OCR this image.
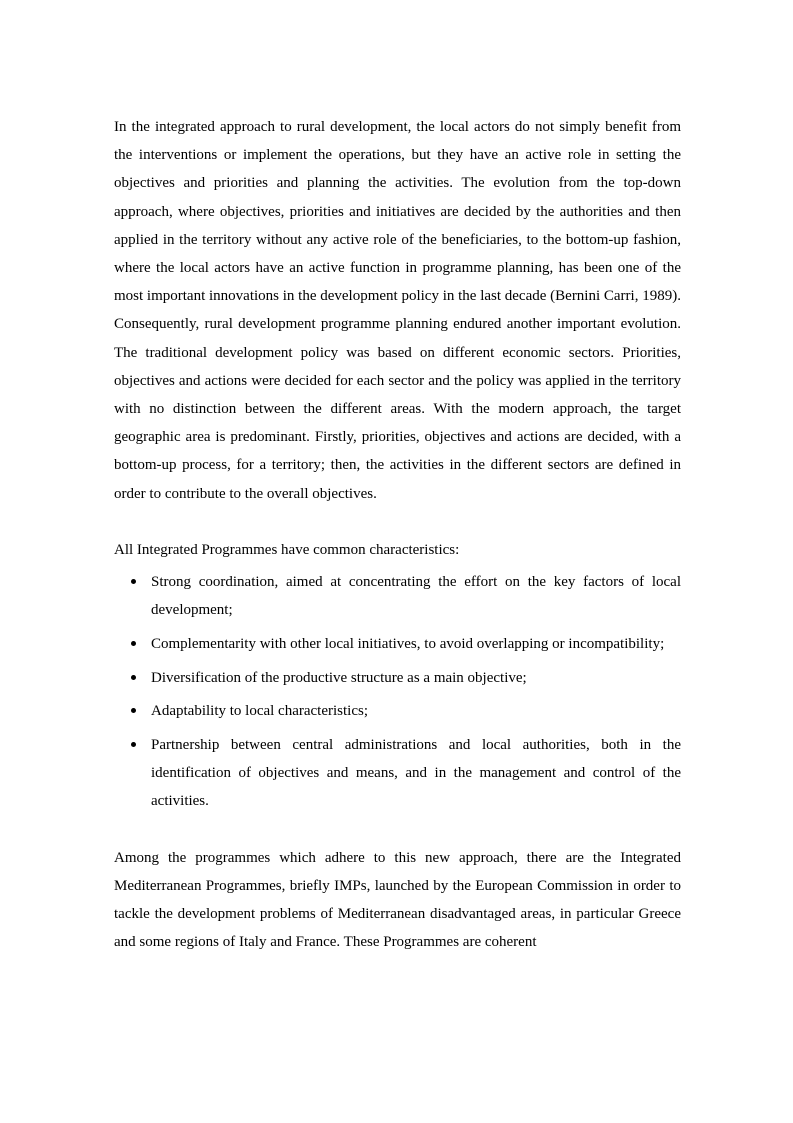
In the integrated approach to rural development, the local actors do not simply benefit from the interventions or implement the operations, but they have an active role in setting the objectives and priorities and planning the activities. The evolution from the top-down approach, where objectives, priorities and initiatives are decided by the authorities and then applied in the territory without any active role of the beneficiaries, to the bottom-up fashion, where the local actors have an active function in programme planning, has been one of the most important innovations in the development policy in the last decade (Bernini Carri, 1989).

Consequently, rural development programme planning endured another important evolution. The traditional development policy was based on different economic sectors. Priorities, objectives and actions were decided for each sector and the policy was applied in the territory with no distinction between the different areas. With the modern approach, the target geographic area is predominant. Firstly, priorities, objectives and actions are decided, with a bottom-up process, for a territory; then, the activities in the different sectors are defined in order to contribute to the overall objectives.

All Integrated Programmes have common characteristics:

Strong coordination, aimed at concentrating the effort on the key factors of local development;
Complementarity with other local initiatives, to avoid overlapping or incompatibility;
Diversification of the productive structure as a main objective;
Adaptability to local characteristics;
Partnership between central administrations and local authorities, both in the identification of objectives and means, and in the management and control of the activities.

Among the programmes which adhere to this new approach, there are the Integrated Mediterranean Programmes, briefly IMPs, launched by the European Commission in order to tackle the development problems of Mediterranean disadvantaged areas, in particular Greece and some regions of Italy and France. These Programmes are coherent
